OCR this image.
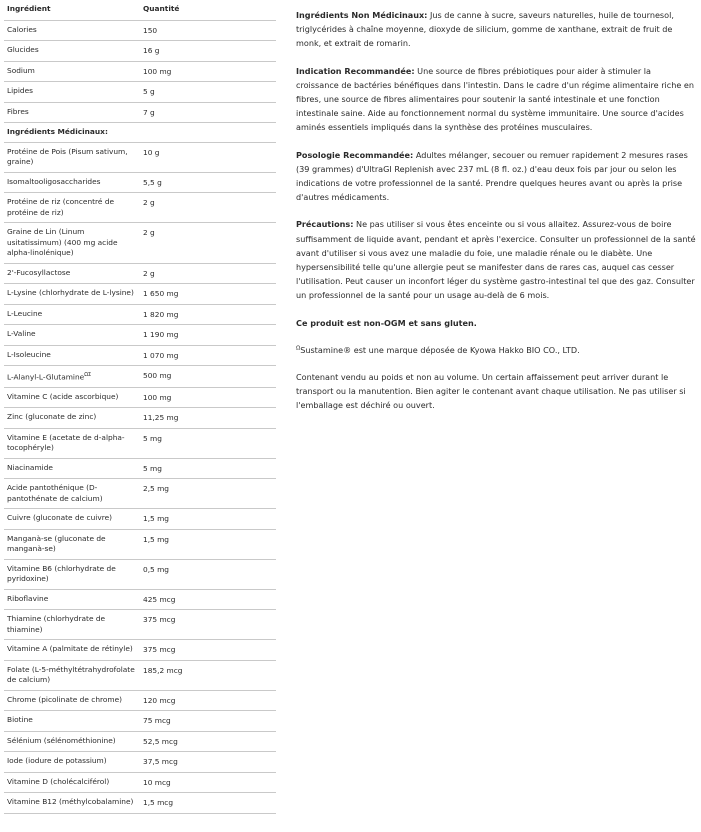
Ingrédient	Quantité
Calories	150
Glucides	16 g
Sodium	100 mg
Lipides	5 g
Fibres	7 g
Ingrédients Médicinaux:	
Protéine de Pois (Pisum sativum, graine)	10 g
Isomaltooligosaccharides	5,5 g
Protéine de riz (concentré de protéine de riz)	2 g
Graine de Lin (Linum usitatissimum) (400 mg acide alpha-linolénique)	2 g
2'-Fucosyllactose	2 g
L-Lysine (chlorhydrate de L-lysine)	1 650 mg
L-Leucine	1 820 mg
L-Valine	1 190 mg
L-Isoleucine	1 070 mg
L-Alanyl-L-Glutamine$^{\Omega\Sigma}$	500 mg
Vitamine C (acide ascorbique)	100 mg
Zinc (gluconate de zinc)	11,25 mg
Vitamine E (acetate de d-alpha-tocophéryle)	5 mg
Niacinamide	5 mg
Acide pantothénique (D-pantothénate de calcium)	2,5 mg
Cuivre (gluconate de cuivre)	1,5 mg
Manganà-se (gluconate de manganà-se)	1,5 mg
Vitamine B6 (chlorhydrate de pyridoxine)	0,5 mg
Riboflavine	425 mcg
Thiamine (chlorhydrate de thiamine)	375 mcg
Vitamine A (palmitate de rétinyle)	375 mcg
Folate (L-5-méthyltétrahydrofolate de calcium)	185,2 mcg
Chrome (picolinate de chrome)	120 mcg
Biotine	75 mcg
Sélénium (sélénométhionine)	52,5 mcg
Iode (iodure de potassium)	37,5 mcg
Vitamine D (cholécalciférol)	10 mcg
Vitamine B12 (méthylcobalamine)	1,5 mcg

Ingrédients Non Médicinaux: Jus de canne à sucre, saveurs naturelles, huile de tournesol, triglycérides à chaîne moyenne, dioxyde de silicium, gomme de xanthane, extrait de fruit de monk, et extrait de romarin.

Indication Recommandée: Une source de fibres prébiotiques pour aider à stimuler la croissance de bactéries bénéfiques dans l'intestin. Dans le cadre d'un régime alimentaire riche en fibres, une source de fibres alimentaires pour soutenir la santé intestinale et une fonction intestinale saine. Aide au fonctionnement normal du système immunitaire. Une source d'acides aminés essentiels impliqués dans la synthèse des protéines musculaires.

Posologie Recommandée: Adultes mélanger, secouer ou remuer rapidement 2 mesures rases (39 grammes) d'UltraGI Replenish avec 237 mL (8 fl. oz.) d'eau deux fois par jour ou selon les indications de votre professionnel de la santé. Prendre quelques heures avant ou après la prise d'autres médicaments.

Précautions: Ne pas utiliser si vous êtes enceinte ou si vous allaitez. Assurez-vous de boire suffisamment de liquide avant, pendant et après l'exercice. Consulter un professionnel de la santé avant d'utiliser si vous avez une maladie du foie, une maladie rénale ou le diabète. Une hypersensibilité telle qu'une allergie peut se manifester dans de rares cas, auquel cas cesser l'utilisation. Peut causer un inconfort léger du système gastro-intestinal tel que des gaz. Consulter un professionnel de la santé pour un usage au-delà de 6 mois.

Ce produit est non-OGM et sans gluten.

$^\Omega$Sustamine® est une marque déposée de Kyowa Hakko BIO CO., LTD.

Contenant vendu au poids et non au volume. Un certain affaissement peut arriver durant le transport ou la manutention. Bien agiter le contenant avant chaque utilisation. Ne pas utiliser si l'emballage est déchiré ou ouvert.
